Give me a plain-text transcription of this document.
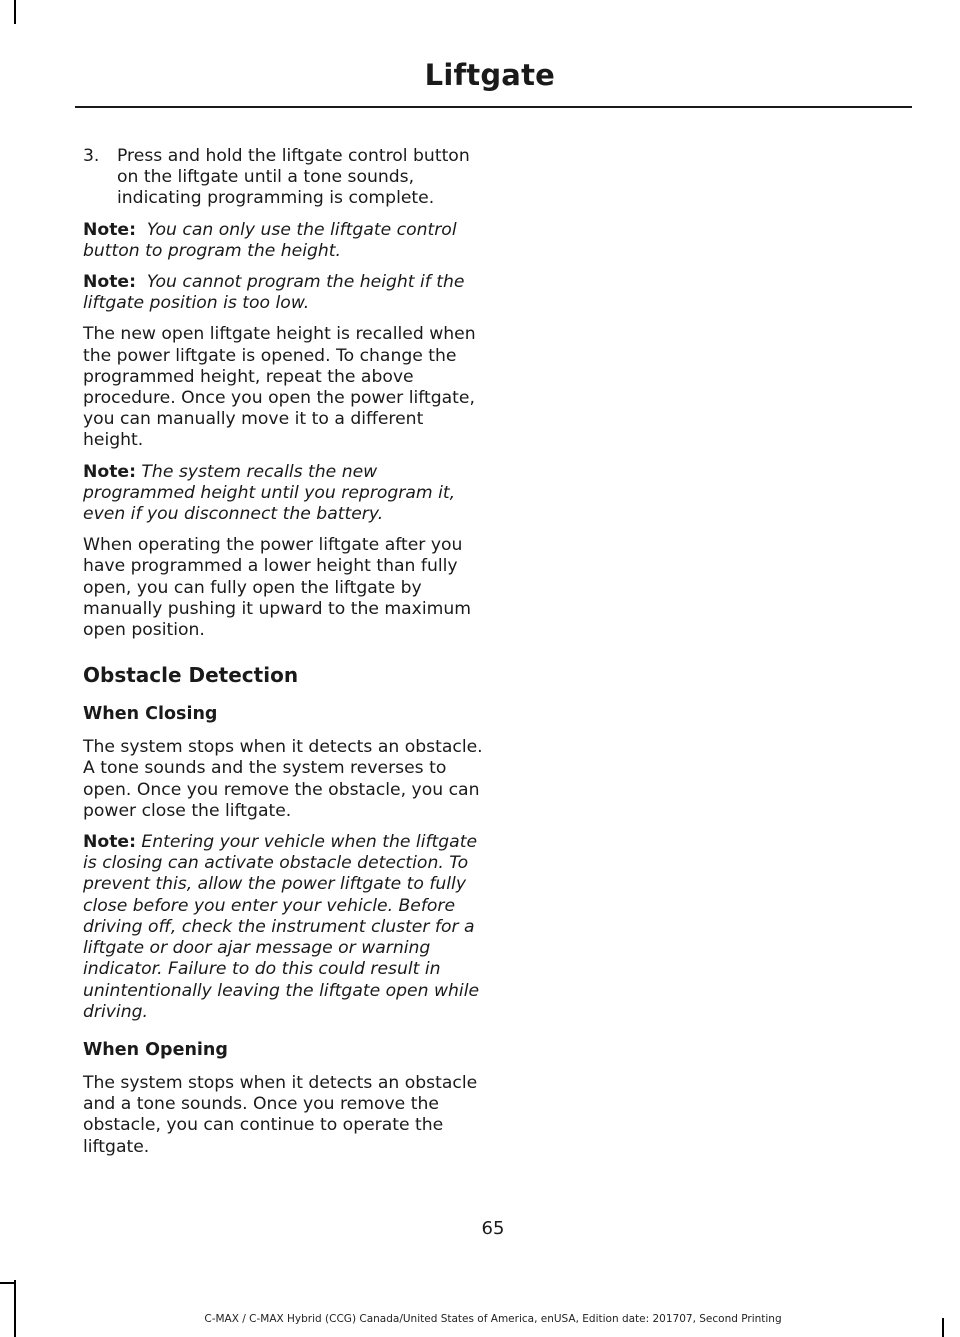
Liftgate
3. Press and hold the liftgate control button on the liftgate until a tone sounds, indicating programming is complete.

Note: You can only use the liftgate control button to program the height.

Note: You cannot program the height if the liftgate position is too low.

The new open liftgate height is recalled when the power liftgate is opened. To change the programmed height, repeat the above procedure. Once you open the power liftgate, you can manually move it to a different height.

Note: The system recalls the new programmed height until you reprogram it, even if you disconnect the battery.

When operating the power liftgate after you have programmed a lower height than fully open, you can fully open the liftgate by manually pushing it upward to the maximum open position.

Obstacle Detection
When Closing

The system stops when it detects an obstacle. A tone sounds and the system reverses to open. Once you remove the obstacle, you can power close the liftgate.

Note: Entering your vehicle when the liftgate is closing can activate obstacle detection. To prevent this, allow the power liftgate to fully close before you enter your vehicle. Before driving off, check the instrument cluster for a liftgate or door ajar message or warning indicator. Failure to do this could result in unintentionally leaving the liftgate open while driving.

When Opening

The system stops when it detects an obstacle and a tone sounds. Once you remove the obstacle, you can continue to operate the liftgate.

65
C-MAX / C-MAX Hybrid (CCG) Canada/United States of America, enUSA, Edition date: 201707, Second Printing
